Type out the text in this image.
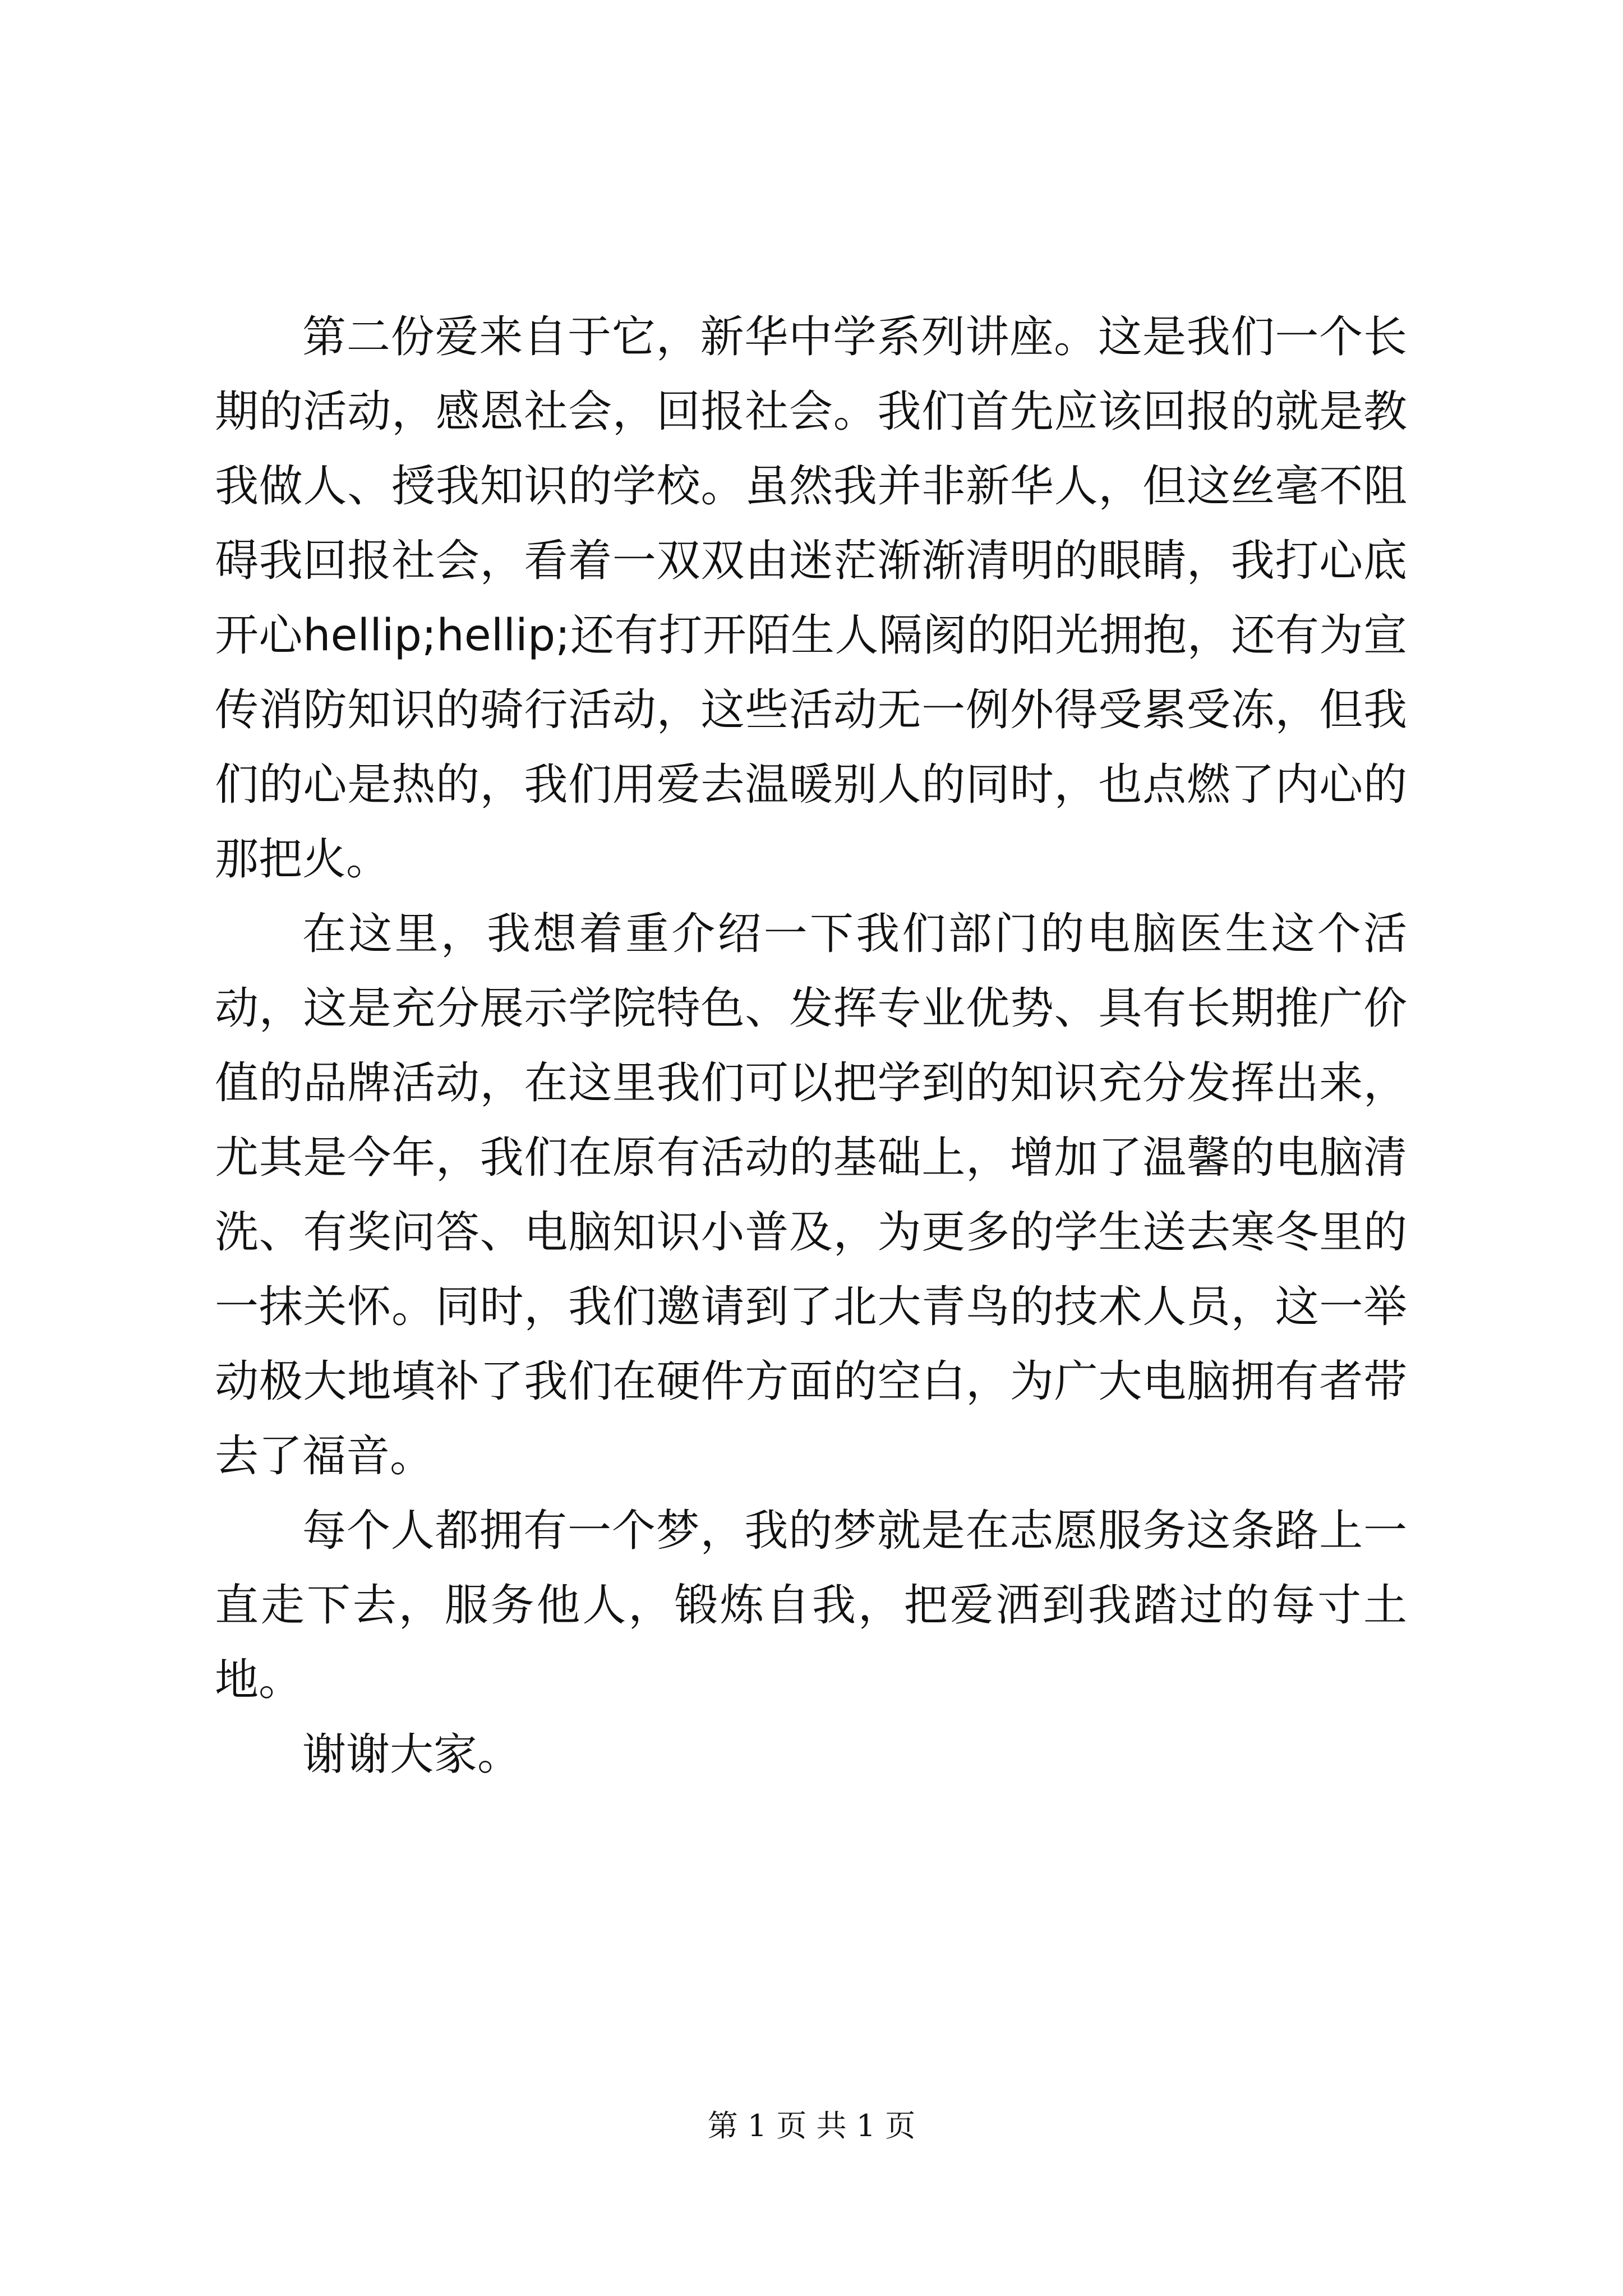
第二份爱来自于它，新华中学系列讲座。这是我们一个长期的活动，感恩社会，回报社会。我们首先应该回报的就是教我做人、授我知识的学校。虽然我并非新华人，但这丝毫不阻碍我回报社会，看着一双双由迷茫渐渐清明的眼睛，我打心底开心hellip;hellip;还有打开陌生人隔阂的阳光拥抱，还有为宣传消防知识的骑行活动，这些活动无一例外得受累受冻，但我们的心是热的，我们用爱去温暖别人的同时，也点燃了内心的那把火。

在这里，我想着重介绍一下我们部门的电脑医生这个活动，这是充分展示学院特色、发挥专业优势、具有长期推广价值的品牌活动，在这里我们可以把学到的知识充分发挥出来，尤其是今年，我们在原有活动的基础上，增加了温馨的电脑清洗、有奖问答、电脑知识小普及，为更多的学生送去寒冬里的一抹关怀。同时，我们邀请到了北大青鸟的技术人员，这一举动极大地填补了我们在硬件方面的空白，为广大电脑拥有者带去了福音。

每个人都拥有一个梦，我的梦就是在志愿服务这条路上一直走下去，服务他人，锻炼自我，把爱洒到我踏过的每寸土地。

谢谢大家。

第 1 页 共 1 页
